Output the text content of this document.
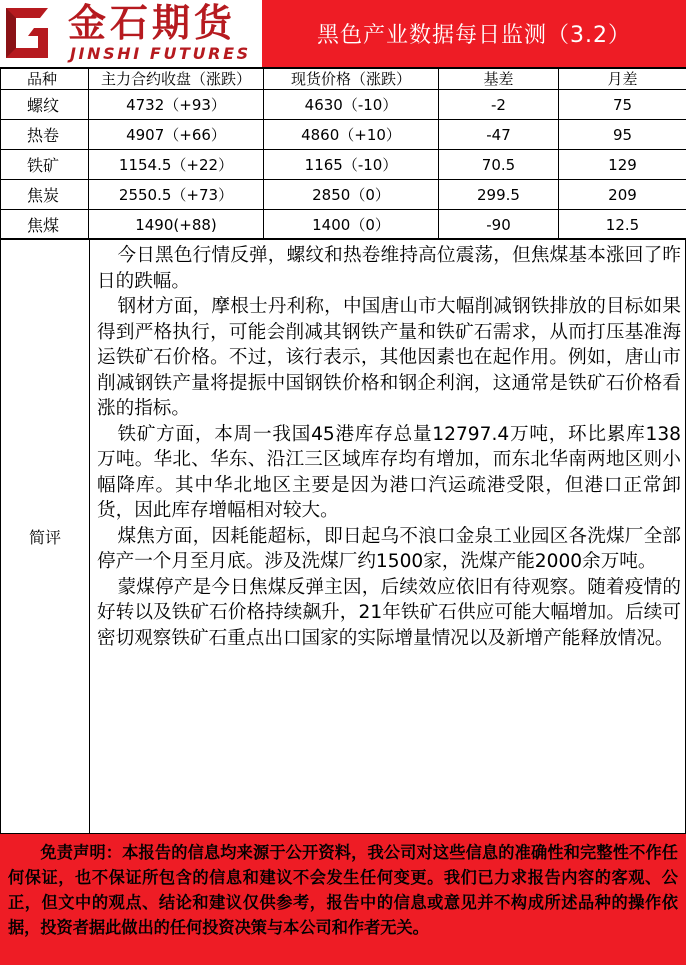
金石期货
JINSHI FUTURES
黑色产业数据每日监测（3.2）
品种	主力合约收盘（涨跌）	现货价格（涨跌）	基差	月差
螺纹	4732（+93）	4630（-10）	-2	75
热卷	4907（+66）	4860（+10）	-47	95
铁矿	1154.5（+22）	1165（-10）	70.5	129
焦炭	2550.5（+73）	2850（0）	299.5	209
焦煤	1490(+88)	1400（0）	-90	12.5
简评

今日黑色行情反弹，螺纹和热卷维持高位震荡，但焦煤基本涨回了昨日的跌幅。

钢材方面，摩根士丹利称，中国唐山市大幅削减钢铁排放的目标如果得到严格执行，可能会削减其钢铁产量和铁矿石需求，从而打压基准海运铁矿石价格。不过，该行表示，其他因素也在起作用。例如，唐山市削减钢铁产量将提振中国钢铁价格和钢企利润，这通常是铁矿石价格看涨的指标。

铁矿方面，本周一我国45港库存总量12797.4万吨，环比累库138万吨。华北、华东、沿江三区域库存均有增加，而东北华南两地区则小幅降库。其中华北地区主要是因为港口汽运疏港受限，但港口正常卸货，因此库存增幅相对较大。

煤焦方面，因耗能超标，即日起乌不浪口金泉工业园区各洗煤厂全部停产一个月至月底。涉及洗煤厂约1500家，洗煤产能2000余万吨。

蒙煤停产是今日焦煤反弹主因，后续效应依旧有待观察。随着疫情的好转以及铁矿石价格持续飙升，21年铁矿石供应可能大幅增加。后续可密切观察铁矿石重点出口国家的实际增量情况以及新增产能释放情况。

免责声明：本报告的信息均来源于公开资料，我公司对这些信息的准确性和完整性不作任何保证，也不保证所包含的信息和建议不会发生任何变更。我们已力求报告内容的客观、公正，但文中的观点、结论和建议仅供参考，报告中的信息或意见并不构成所述品种的操作依据，投资者据此做出的任何投资决策与本公司和作者无关。
